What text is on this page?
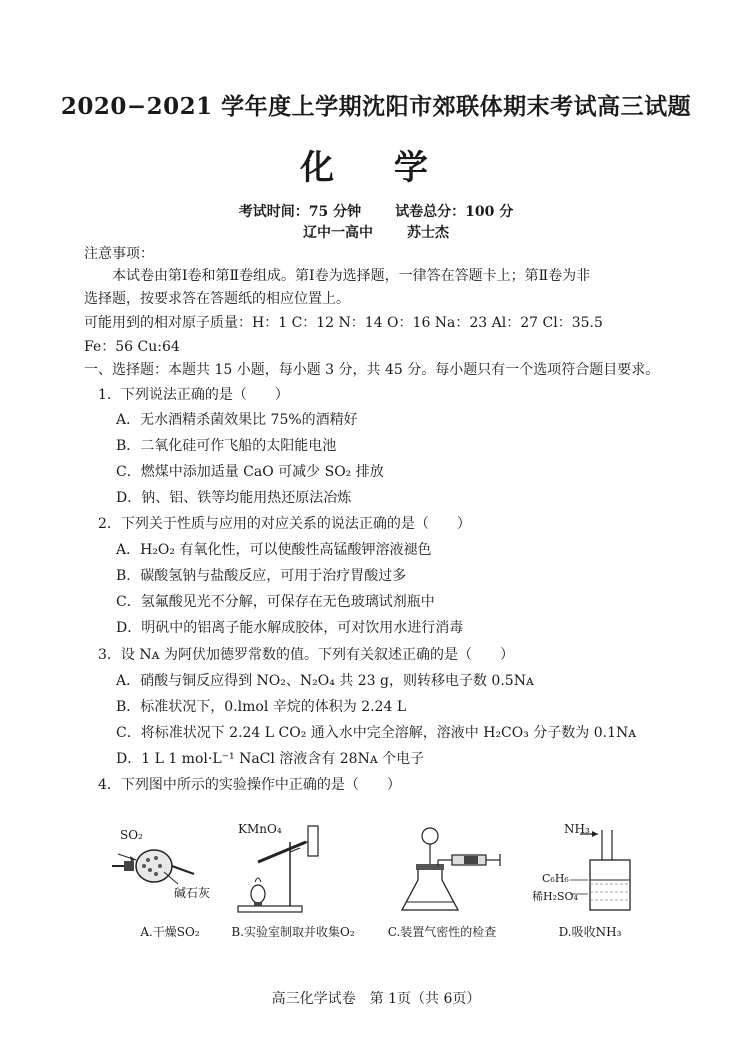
2020−2021 学年度上学期沈阳市郊联体期末考试高三试题
化 学
考试时间：75 分钟 试卷总分：100 分
辽中一高中 苏士杰
注意事项：
本试卷由第Ⅰ卷和第Ⅱ卷组成。第Ⅰ卷为选择题，一律答在答题卡上；第Ⅱ卷为非
选择题，按要求答在答题纸的相应位置上。
可能用到的相对原子质量：H：1 C：12 N：14 O：16 Na：23 Al：27 Cl：35.5
Fe：56 Cu:64
一、选择题：本题共 15 小题，每小题 3 分，共 45 分。每小题只有一个选项符合题目要求。
1．下列说法正确的是（　　）
A．无水酒精杀菌效果比 75%的酒精好
B．二氧化硅可作飞船的太阳能电池
C．燃煤中添加适量 CaO 可减少 SO₂ 排放
D．钠、铝、铁等均能用热还原法冶炼
2．下列关于性质与应用的对应关系的说法正确的是（　　）
A．H₂O₂ 有氧化性，可以使酸性高锰酸钾溶液褪色
B．碳酸氢钠与盐酸反应，可用于治疗胃酸过多
C．氢氟酸见光不分解，可保存在无色玻璃试剂瓶中
D．明矾中的铝离子能水解成胶体，可对饮用水进行消毒
3．设 Nᴀ 为阿伏加德罗常数的值。下列有关叙述正确的是（　　）
A．硝酸与铜反应得到 NO₂、N₂O₄ 共 23 g，则转移电子数 0.5Nᴀ
B．标准状况下，0.lmol 辛烷的体积为 2.24 L
C．将标准状况下 2.24 L CO₂ 通入水中完全溶解，溶液中 H₂CO₃ 分子数为 0.1Nᴀ
D．1 L 1 mol·L⁻¹ NaCl 溶液含有 28Nᴀ 个电子
4．下列图中所示的实验操作中正确的是（　　）
SO₂
碱石灰
A.干燥SO₂
KMnO₄
B.实验室制取并收集O₂	C.装置气密性的检查
NH₃
C₆H₆
稀H₂SO₄
D.吸收NH₃
高三化学试卷　第 1页（共 6页）
